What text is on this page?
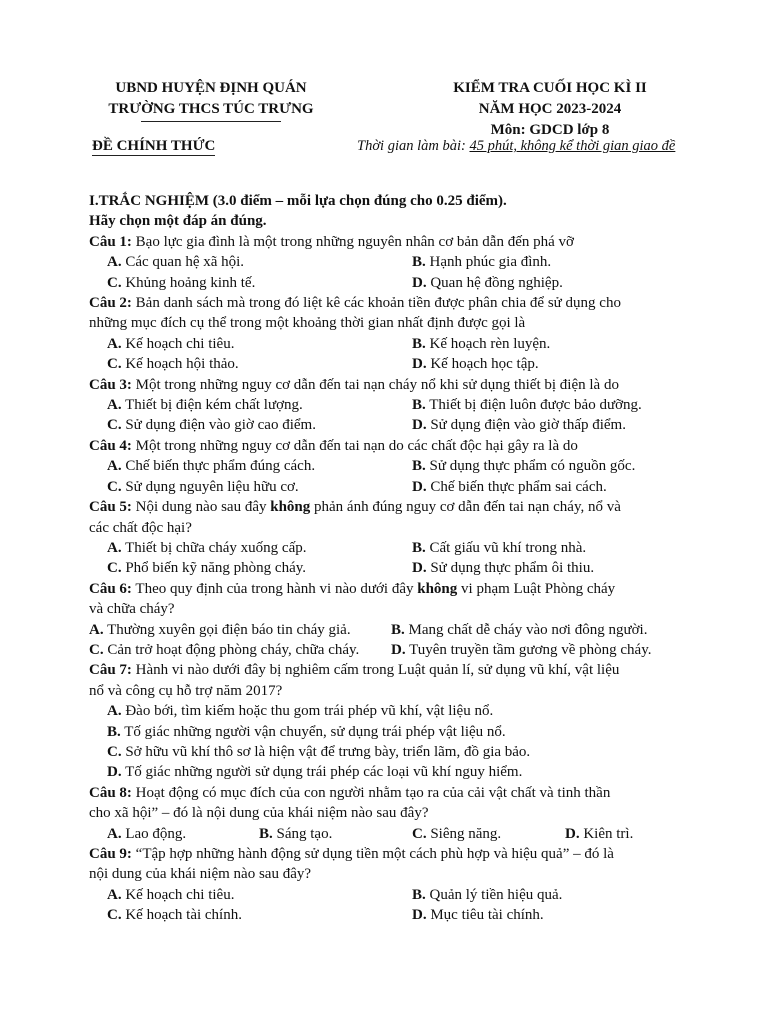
UBND HUYỆN ĐỊNH QUÁN
TRƯỜNG THCS TÚC TRƯNG
KIỂM TRA CUỐI HỌC KÌ II
NĂM HỌC 2023-2024
Môn: GDCD lớp 8
ĐỀ CHÍNH THỨC	Thời gian làm bài: 45 phút, không kể thời gian giao đề
I.TRẮC NGHIỆM (3.0 điểm – mỗi lựa chọn đúng cho 0.25 điểm).
Hãy chọn một đáp án đúng.
Câu 1: Bạo lực gia đình là một trong những nguyên nhân cơ bản dẫn đến phá vỡ
A. Các quan hệ xã hội.	B. Hạnh phúc gia đình.
C. Khủng hoảng kinh tế.	D. Quan hệ đồng nghiệp.
Câu 2: Bản danh sách mà trong đó liệt kê các khoản tiền được phân chia để sử dụng cho
những mục đích cụ thể trong một khoảng thời gian nhất định được gọi là
A. Kế hoạch chi tiêu.	B. Kế hoạch rèn luyện.
C. Kế hoạch hội thảo.	D. Kế hoạch học tập.
Câu 3: Một trong những nguy cơ dẫn đến tai nạn cháy nổ khi sử dụng thiết bị điện là do
A. Thiết bị điện kém chất lượng.	B. Thiết bị điện luôn được bảo dưỡng.
C. Sử dụng điện vào giờ cao điểm.	D. Sử dụng điện vào giờ thấp điểm.
Câu 4: Một trong những nguy cơ dẫn đến tai nạn do các chất độc hại gây ra là do
A. Chế biến thực phẩm đúng cách.	B. Sử dụng thực phẩm có nguồn gốc.
C. Sử dụng nguyên liệu hữu cơ.	D. Chế biến thực phẩm sai cách.
Câu 5: Nội dung nào sau đây không phản ánh đúng nguy cơ dẫn đến tai nạn cháy, nổ và
các chất độc hại?
A. Thiết bị chữa cháy xuống cấp.	B. Cất giấu vũ khí trong nhà.
C. Phổ biến kỹ năng phòng cháy.	D. Sử dụng thực phẩm ôi thiu.
Câu 6: Theo quy định của trong hành vi nào dưới đây không vi phạm Luật Phòng cháy
và chữa cháy?
A. Thường xuyên gọi điện báo tin cháy giả.	B. Mang chất dễ cháy vào nơi đông người.
C. Cản trở hoạt động phòng cháy, chữa cháy.	D. Tuyên truyền tầm gương về phòng cháy.
Câu 7: Hành vi nào dưới đây bị nghiêm cấm trong Luật quản lí, sử dụng vũ khí, vật liệu
nổ và công cụ hỗ trợ năm 2017?
A. Đào bới, tìm kiếm hoặc thu gom trái phép vũ khí, vật liệu nổ.
B. Tố giác những người vận chuyển, sử dụng trái phép vật liệu nổ.
C. Sở hữu vũ khí thô sơ là hiện vật để trưng bày, triển lãm, đồ gia bảo.
D. Tố giác những người sử dụng trái phép các loại vũ khí nguy hiểm.
Câu 8: Hoạt động có mục đích của con người nhằm tạo ra của cải vật chất và tinh thần
cho xã hội” – đó là nội dung của khái niệm nào sau đây?
A. Lao động.	B. Sáng tạo.	C. Siêng năng.	D. Kiên trì.
Câu 9: “Tập hợp những hành động sử dụng tiền một cách phù hợp và hiệu quả” – đó là
nội dung của khái niệm nào sau đây?
A. Kế hoạch chi tiêu.	B. Quản lý tiền hiệu quả.
C. Kế hoạch tài chính.	D. Mục tiêu tài chính.
